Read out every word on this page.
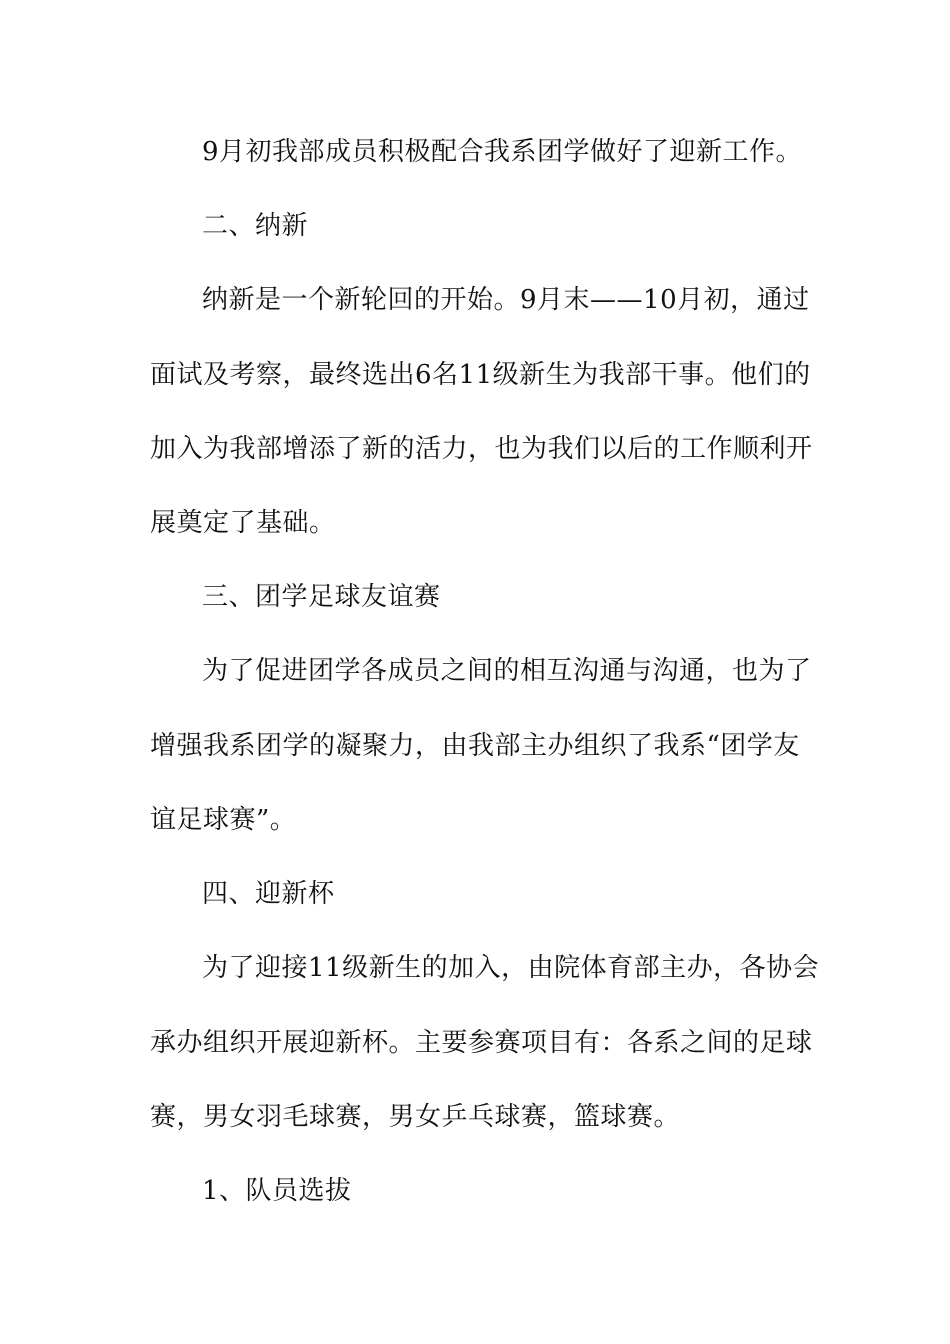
9月初我部成员积极配合我系团学做好了迎新工作。
二、纳新
纳新是一个新轮回的开始。9月末——10月初，通过
面试及考察，最终选出6名11级新生为我部干事。他们的
加入为我部增添了新的活力，也为我们以后的工作顺利开
展奠定了基础。
三、团学足球友谊赛
为了促进团学各成员之间的相互沟通与沟通，也为了
增强我系团学的凝聚力，由我部主办组织了我系“团学友
谊足球赛”。
四、迎新杯
为了迎接11级新生的加入，由院体育部主办，各协会
承办组织开展迎新杯。主要参赛项目有：各系之间的足球
赛，男女羽毛球赛，男女乒乓球赛，篮球赛。
1、队员选拔
